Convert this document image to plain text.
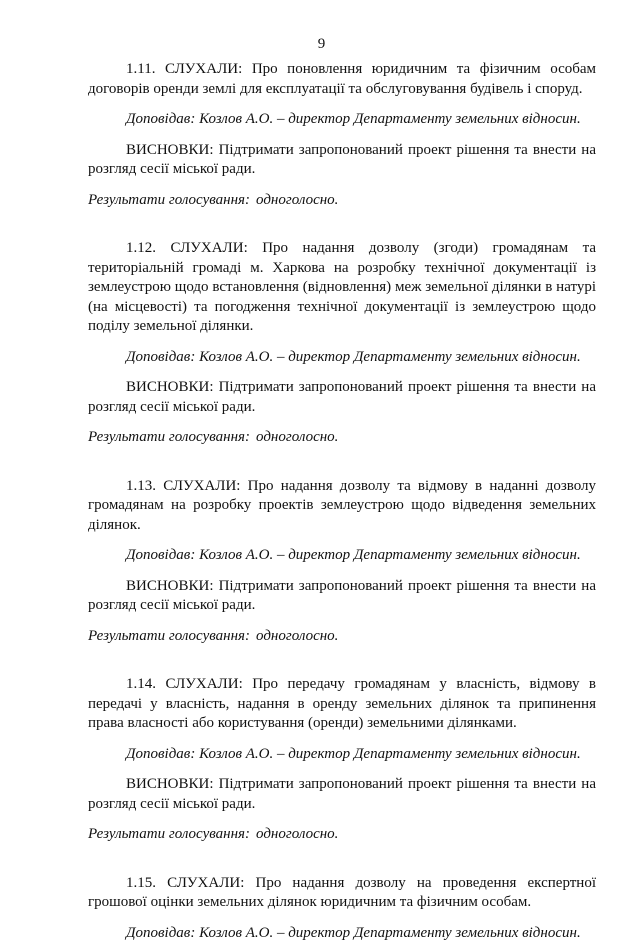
9

1.11. СЛУХАЛИ: Про поновлення юридичним та фізичним особам договорів оренди землі для експлуатації та обслуговування будівель і споруд.

Доповідав: Козлов А.О. – директор Департаменту земельних відносин.

ВИСНОВКИ: Підтримати запропонований проект рішення та внести на розгляд сесії міської ради.

Результати голосування: одноголосно.

1.12. СЛУХАЛИ: Про надання дозволу (згоди) громадянам та територіальній громаді м. Харкова на розробку технічної документації із землеустрою щодо встановлення (відновлення) меж земельної ділянки в натурі (на місцевості) та погодження технічної документації із землеустрою щодо поділу земельної ділянки.

Доповідав: Козлов А.О. – директор Департаменту земельних відносин.

ВИСНОВКИ: Підтримати запропонований проект рішення та внести на розгляд сесії міської ради.

Результати голосування: одноголосно.

1.13. СЛУХАЛИ: Про надання дозволу та відмову в наданні дозволу громадянам на розробку проектів землеустрою щодо відведення земельних ділянок.

Доповідав: Козлов А.О. – директор Департаменту земельних відносин.

ВИСНОВКИ: Підтримати запропонований проект рішення та внести на розгляд сесії міської ради.

Результати голосування: одноголосно.

1.14. СЛУХАЛИ: Про передачу громадянам у власність, відмову в передачі у власність, надання в оренду земельних ділянок та припинення права власності або користування (оренди) земельними ділянками.

Доповідав: Козлов А.О. – директор Департаменту земельних відносин.

ВИСНОВКИ: Підтримати запропонований проект рішення та внести на розгляд сесії міської ради.

Результати голосування: одноголосно.

1.15. СЛУХАЛИ: Про надання дозволу на проведення експертної грошової оцінки земельних ділянок юридичним та фізичним особам.

Доповідав: Козлов А.О. – директор Департаменту земельних відносин.
